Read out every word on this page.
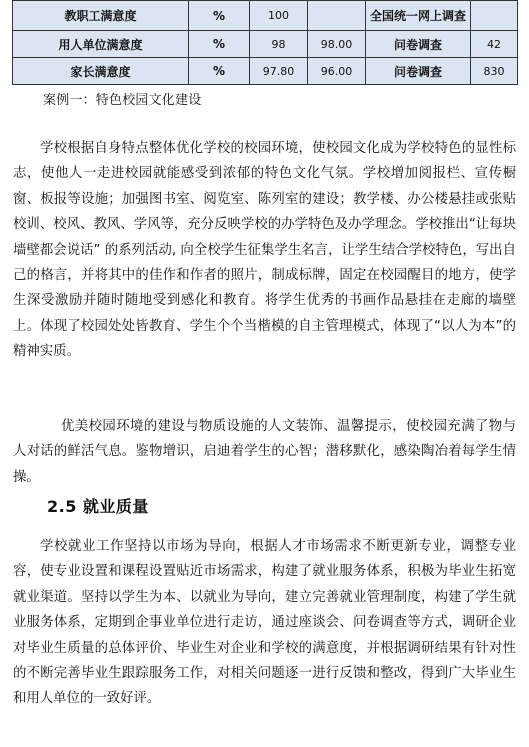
教职工满意度	%	100		全国统一网上调查	
用人单位满意度	%	98	98.00	问卷调查	42
家长满意度	%	97.80	96.00	问卷调查	830
案例一：特色校园文化建设

学校根据自身特点整体优化学校的校园环境，使校园文化成为学校特色的显性标志，使他人一走进校园就能感受到浓郁的特色文化气氛。学校增加阅报栏、宣传橱窗、板报等设施；加强图书室、阅览室、陈列室的建设；教学楼、办公楼悬挂或张贴校训、校风、教风、学风等，充分反映学校的办学特色及办学理念。学校推出“让每块墙壁都会说话” 的系列活动, 向全校学生征集学生名言，让学生结合学校特色，写出自己的格言，并将其中的佳作和作者的照片，制成标牌，固定在校园醒目的地方，使学生深受激励并随时随地受到感化和教育。将学生优秀的书画作品悬挂在走廊的墙壁上。体现了校园处处皆教育、学生个个当楷模的自主管理模式，体现了“以人为本”的精神实质。

优美校园环境的建设与物质设施的人文装饰、温馨提示，使校园充满了物与人对话的鲜活气息。鉴物增识，启迪着学生的心智；潜移默化，感染陶冶着每学生情操。

2.5 就业质量

学校就业工作坚持以市场为导向，根据人才市场需求不断更新专业，调整专业容，使专业设置和课程设置贴近市场需求，构建了就业服务体系，积极为毕业生拓宽就业渠道。坚持以学生为本、以就业为导向，建立完善就业管理制度，构建了学生就业服务体系，定期到企事业单位进行走访，通过座谈会、问卷调查等方式，调研企业对毕业生质量的总体评价、毕业生对企业和学校的满意度，并根据调研结果有针对性的不断完善毕业生跟踪服务工作，对相关问题逐一进行反馈和整改，得到广大毕业生和用人单位的一致好评。
